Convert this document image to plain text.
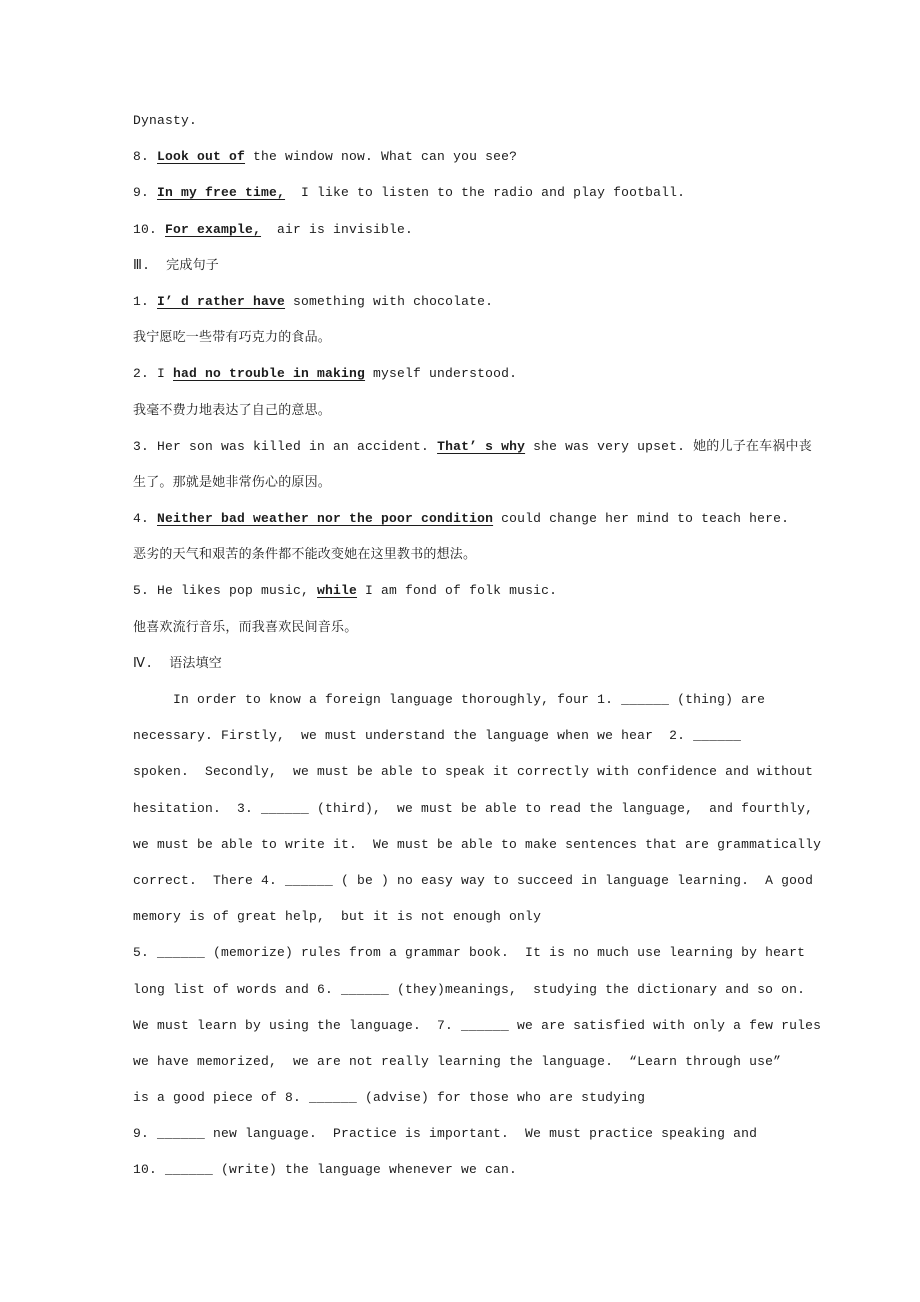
Dynasty.
8. Look out of the window now. What can you see?
9. In my free time,  I like to listen to the radio and play football.
10. For example,  air is invisible.
Ⅲ.  完成句子
1. I’ d rather have something with chocolate.
我宁愿吃一些带有巧克力的食品。
2. I had no trouble in making myself understood.
我毫不费力地表达了自己的意思。
3. Her son was killed in an accident. That’ s why she was very upset. 她的儿子在车祸中丧
生了。那就是她非常伤心的原因。
4. Neither bad weather nor the poor condition could change her mind to teach here.
恶劣的天气和艰苦的条件都不能改变她在这里教书的想法。
5. He likes pop music, while I am fond of folk music.
他喜欢流行音乐，而我喜欢民间音乐。
Ⅳ.  语法填空
In order to know a foreign language thoroughly, four 1. ______ (thing) are
necessary. Firstly,  we must understand the language when we hear  2. ______
spoken.  Secondly,  we must be able to speak it correctly with confidence and without
hesitation.  3. ______ (third),  we must be able to read the language,  and fourthly,
we must be able to write it.  We must be able to make sentences that are grammatically
correct.  There 4. ______ ( be ) no easy way to succeed in language learning.  A good
memory is of great help,  but it is not enough only
5. ______ (memorize) rules from a grammar book.  It is no much use learning by heart
long list of words and 6. ______ (they)meanings,  studying the dictionary and so on.
We must learn by using the language.  7. ______ we are satisfied with only a few rules
we have memorized,  we are not really learning the language.  “Learn through use”
is a good piece of 8. ______ (advise) for those who are studying
9. ______ new language.  Practice is important.  We must practice speaking and
10. ______ (write) the language whenever we can.
